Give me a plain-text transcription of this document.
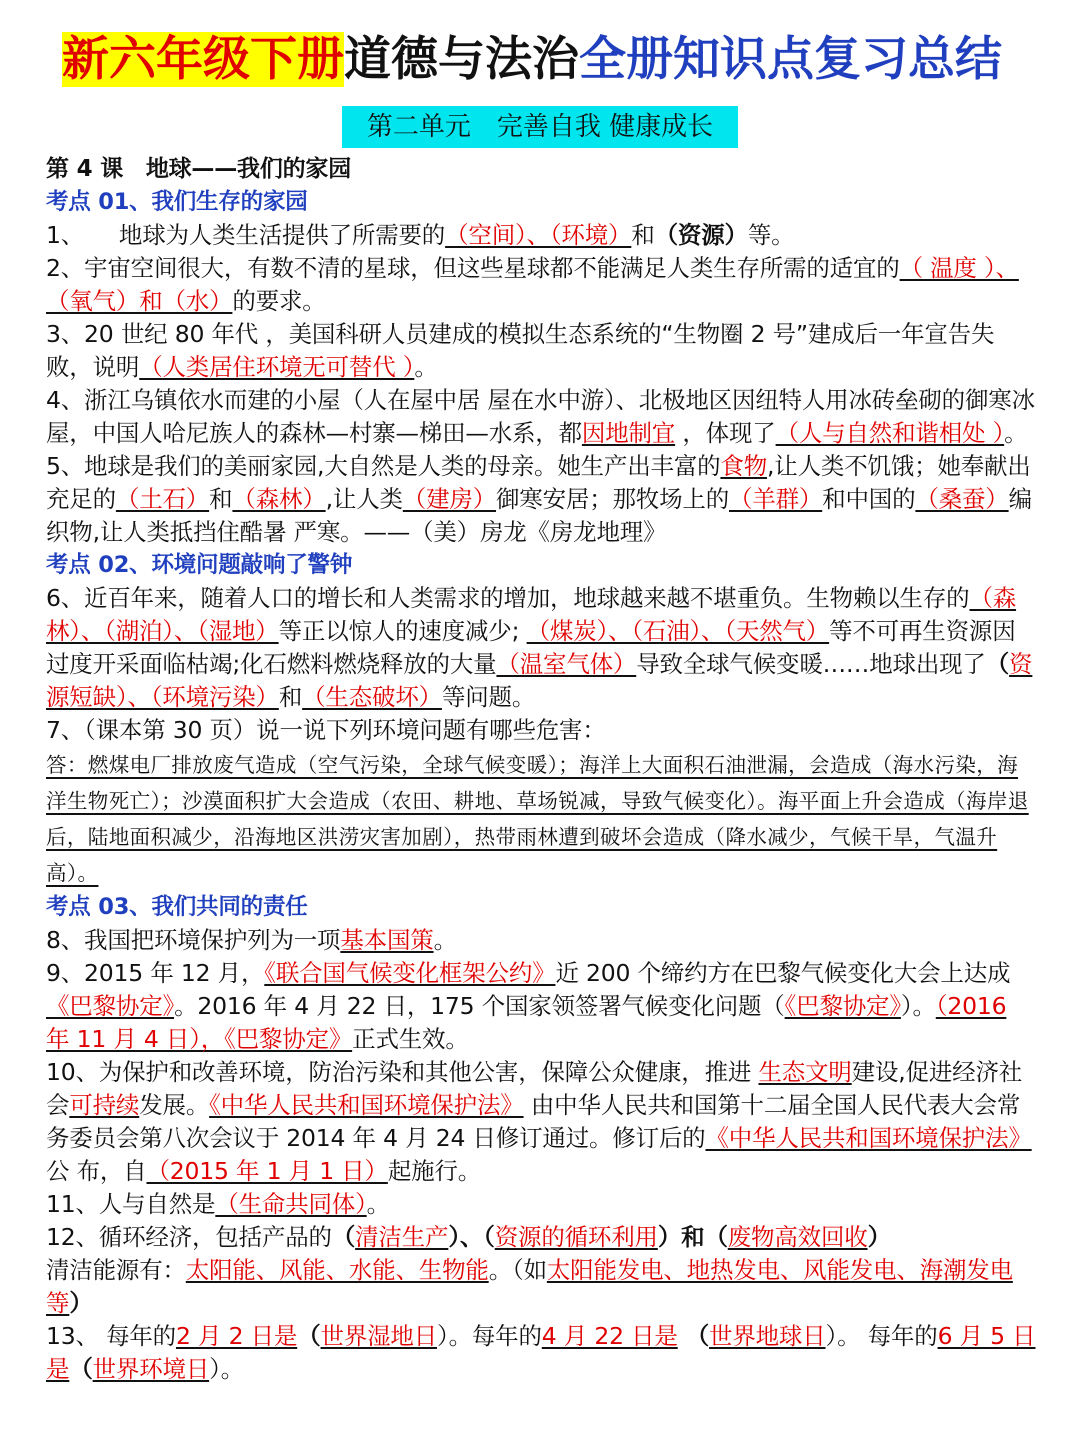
新六年级下册道德与法治全册知识点复习总结
第二单元　完善自我 健康成长

第 4 课　地球——我们的家园

考点 01、我们生存的家园

1、　　地球为人类生活提供了所需要的（空间）、（环境）和（资源）等。

2、宇宙空间很大，有数不清的星球，但这些星球都不能满足人类生存所需的适宜的（ 温度 ）、（氧气）和（水）的要求。

3、20 世纪 80 年代 ，美国科研人员建成的模拟生态系统的“生物圈 2 号”建成后一年宣告失败，说明（人类居住环境无可替代 ）。

4、浙江乌镇依水而建的小屋（人在屋中居 屋在水中游）、北极地区因纽特人用冰砖垒砌的御寒冰屋，中国人哈尼族人的森林—村寨—梯田—水系，都因地制宜 ，体现了（人与自然和谐相处 ）。

5、地球是我们的美丽家园,大自然是人类的母亲。她生产出丰富的食物,让人类不饥饿；她奉献出充足的（土石）和（森林）,让人类（建房）御寒安居；那牧场上的（羊群）和中国的（桑蚕）编织物,让人类抵挡住酷暑 严寒。——（美）房龙《房龙地理》

考点 02、环境问题敲响了警钟

6、近百年来，随着人口的增长和人类需求的增加，地球越来越不堪重负。生物赖以生存的（森林）、（湖泊）、（湿地）等正以惊人的速度减少; （煤炭）、（石油）、（天然气）等不可再生资源因过度开采面临枯竭;化石燃料燃烧释放的大量（温室气体）导致全球气候变暖……地球出现了（资源短缺）、（环境污染）和（生态破坏）等问题。

7、（课本第 30 页）说一说下列环境问题有哪些危害：

答：燃煤电厂排放废气造成（空气污染，全球气候变暖）；海洋上大面积石油泄漏，会造成（海水污染，海洋生物死亡）；沙漠面积扩大会造成（农田、耕地、草场锐减，导致气候变化）。海平面上升会造成（海岸退后，陆地面积减少，沿海地区洪涝灾害加剧），热带雨林遭到破坏会造成（降水减少，气候干旱，气温升高）。

考点 03、我们共同的责任

8、我国把环境保护列为一项基本国策。

9、2015 年 12 月，《联合国气候变化框架公约》近 200 个缔约方在巴黎气候变化大会上达成《巴黎协定》。2016 年 4 月 22 日，175 个国家领签署气候变化问题（《巴黎协定》）。（2016 年 11 月 4 日），《巴黎协定》正式生效。

10、为保护和改善环境，防治污染和其他公害，保障公众健康，推进 生态文明建设,促进经济社会可持续发展。《中华人民共和国环境保护法》 由中华人民共和国第十二届全国人民代表大会常务委员会第八次会议于 2014 年 4 月 24 日修订通过。修订后的《中华人民共和国环境保护法》公 布，自（2015 年 1 月 1 日）起施行。

11、人与自然是（生命共同体）。

12、循环经济，包括产品的（清洁生产）、（资源的循环利用）和（废物高效回收）
清洁能源有：太阳能、风能、水能、生物能。（如太阳能发电、地热发电、风能发电、海潮发电等）

13、 每年的2 月 2 日是（世界湿地日）。每年的4 月 22 日是 （世界地球日）。 每年的6 月 5 日是（世界环境日）。
